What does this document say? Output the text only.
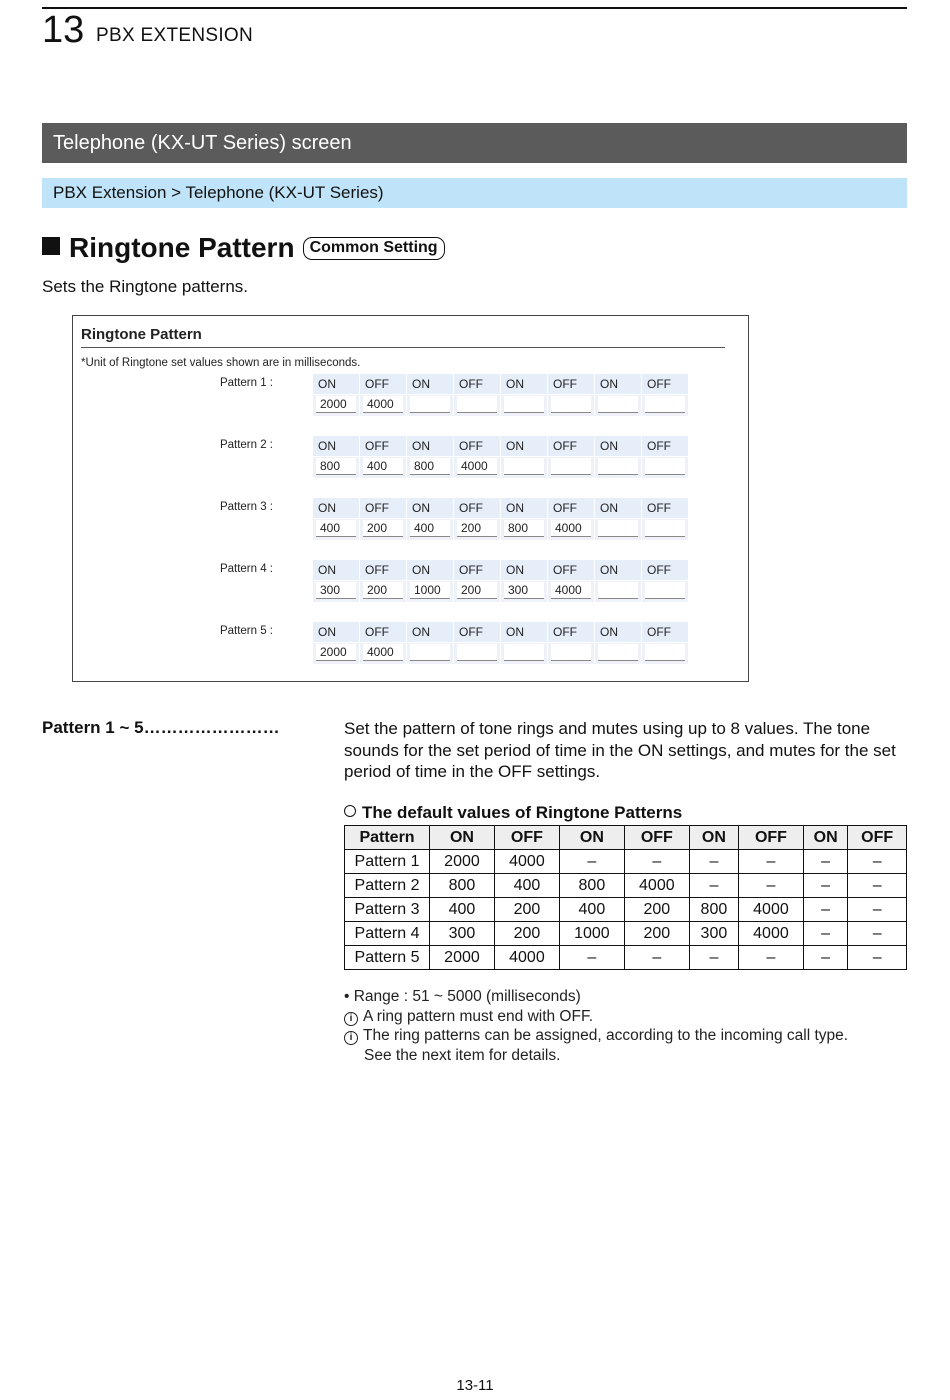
13 PBX EXTENSION
Telephone (KX-UT Series) screen
PBX Extension > Telephone (KX-UT Series)
Ringtone Pattern Common Setting
Sets the Ringtone patterns.
Ringtone Pattern
*Unit of Ringtone set values shown are in milliseconds.
Pattern 1 :	ON	OFF	ON	OFF	ON	OFF	ON	OFF
2000	4000
Pattern 2 :	ON	OFF	ON	OFF	ON	OFF	ON	OFF
800	400	800	4000
Pattern 3 :	ON	OFF	ON	OFF	ON	OFF	ON	OFF
400	200	400	200	800	4000
Pattern 4 :	ON	OFF	ON	OFF	ON	OFF	ON	OFF
300	200	1000	200	300	4000
Pattern 5 :	ON	OFF	ON	OFF	ON	OFF	ON	OFF
2000	4000
Pattern 1 ~ 5……………………	Set the pattern of tone rings and mutes using up to 8 values. The tone sounds for the set period of time in the ON settings, and mutes for the set period of time in the OFF settings.
The default values of Ringtone Patterns
Pattern	ON	OFF	ON	OFF	ON	OFF	ON	OFF
Pattern 1	2000	4000	–	–	–	–	–	–
Pattern 2	800	400	800	4000	–	–	–	–
Pattern 3	400	200	400	200	800	4000	–	–
Pattern 4	300	200	1000	200	300	4000	–	–
Pattern 5	2000	4000	–	–	–	–	–	–
• Range : 51 ~ 5000 (milliseconds)
i A ring pattern must end with OFF.
i The ring patterns can be assigned, according to the incoming call type.
See the next item for details.
13-11
